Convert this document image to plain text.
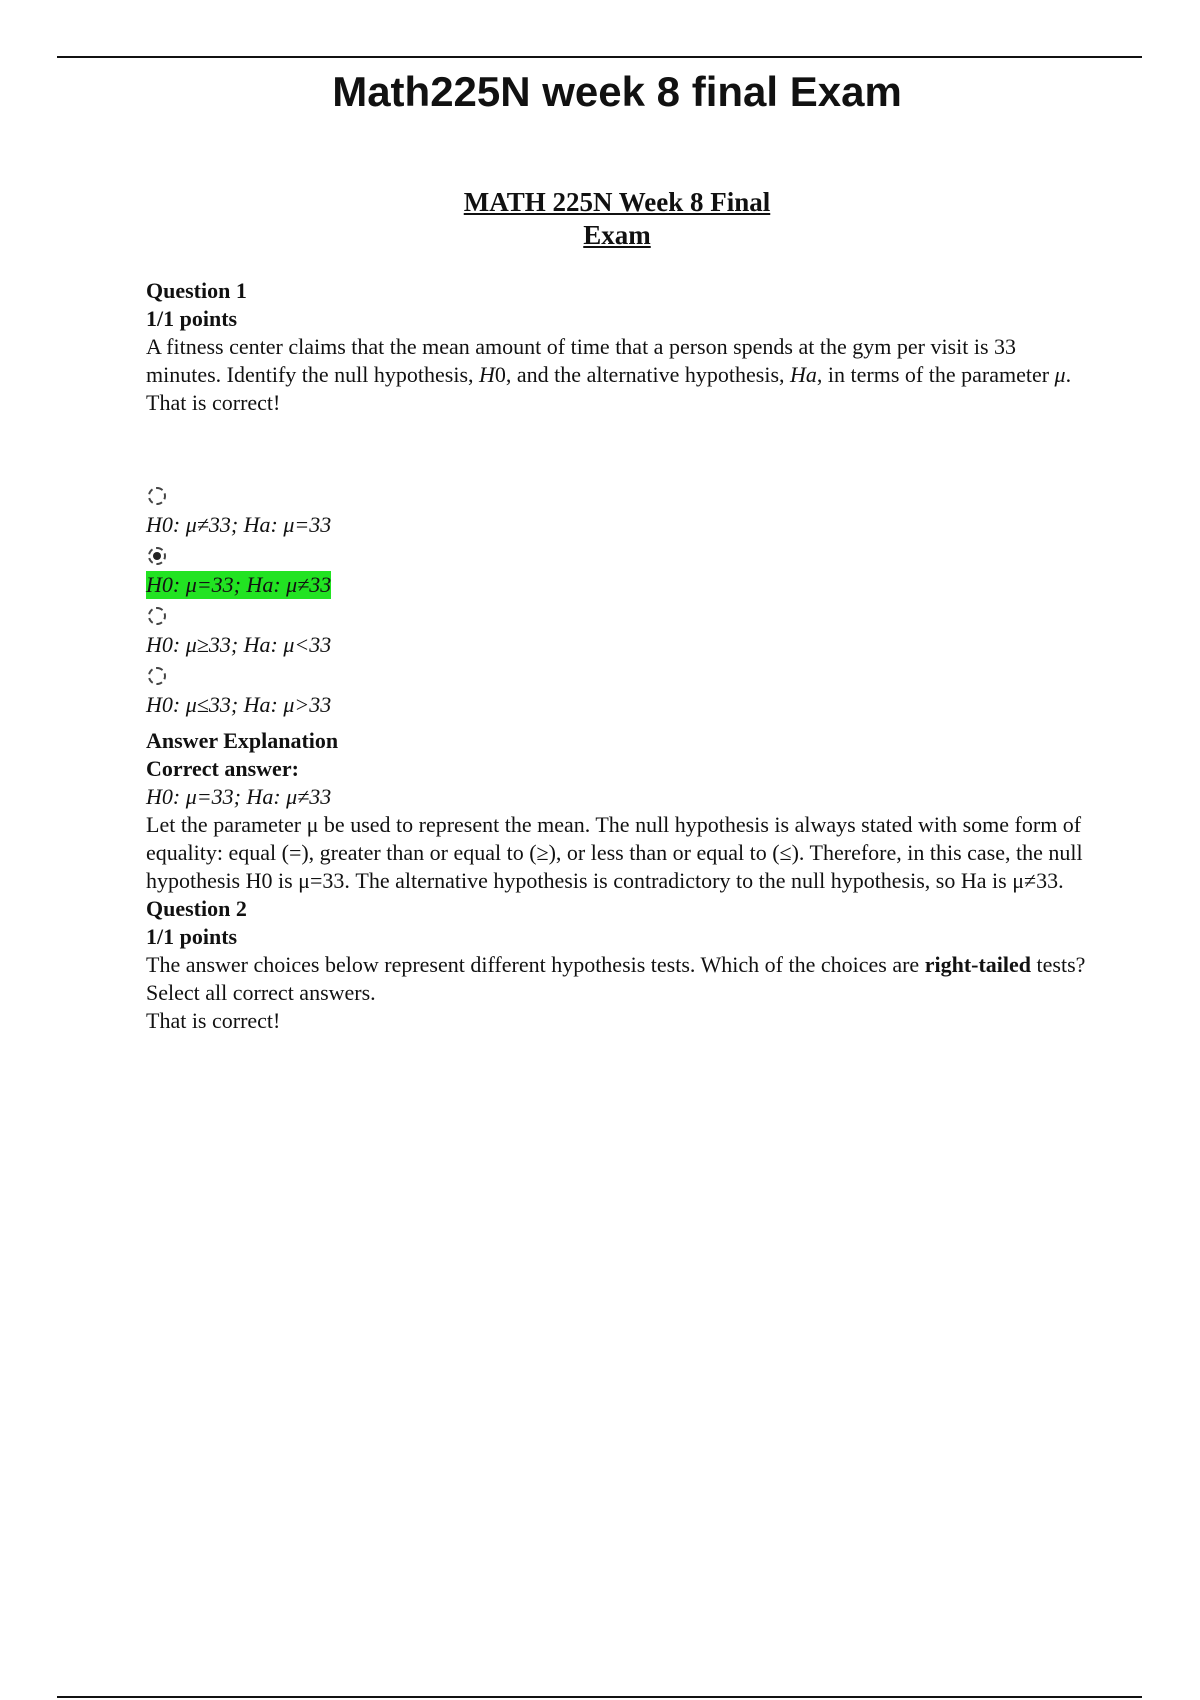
Math225N week 8 final Exam
MATH 225N Week 8 Final
Exam

Question 1

1/1 points

A fitness center claims that the mean amount of time that a person spends at the gym per visit is 33 minutes. Identify the null hypothesis, H0, and the alternative hypothesis, Ha, in terms of the parameter μ.

That is correct!

H0: μ≠33; Ha: μ=33
H0: μ=33; Ha: μ≠33
H0: μ≥33; Ha: μ<33
H0: μ≤33; Ha: μ>33

Answer Explanation

Correct answer:

H0: μ=33; Ha: μ≠33

Let the parameter μ be used to represent the mean. The null hypothesis is always stated with some form of equality: equal (=), greater than or equal to (≥), or less than or equal to (≤). Therefore, in this case, the null hypothesis H0 is μ=33. The alternative hypothesis is contradictory to the null hypothesis, so Ha is μ≠33.

Question 2

1/1 points

The answer choices below represent different hypothesis tests. Which of the choices are right-tailed tests? Select all correct answers.

That is correct!
